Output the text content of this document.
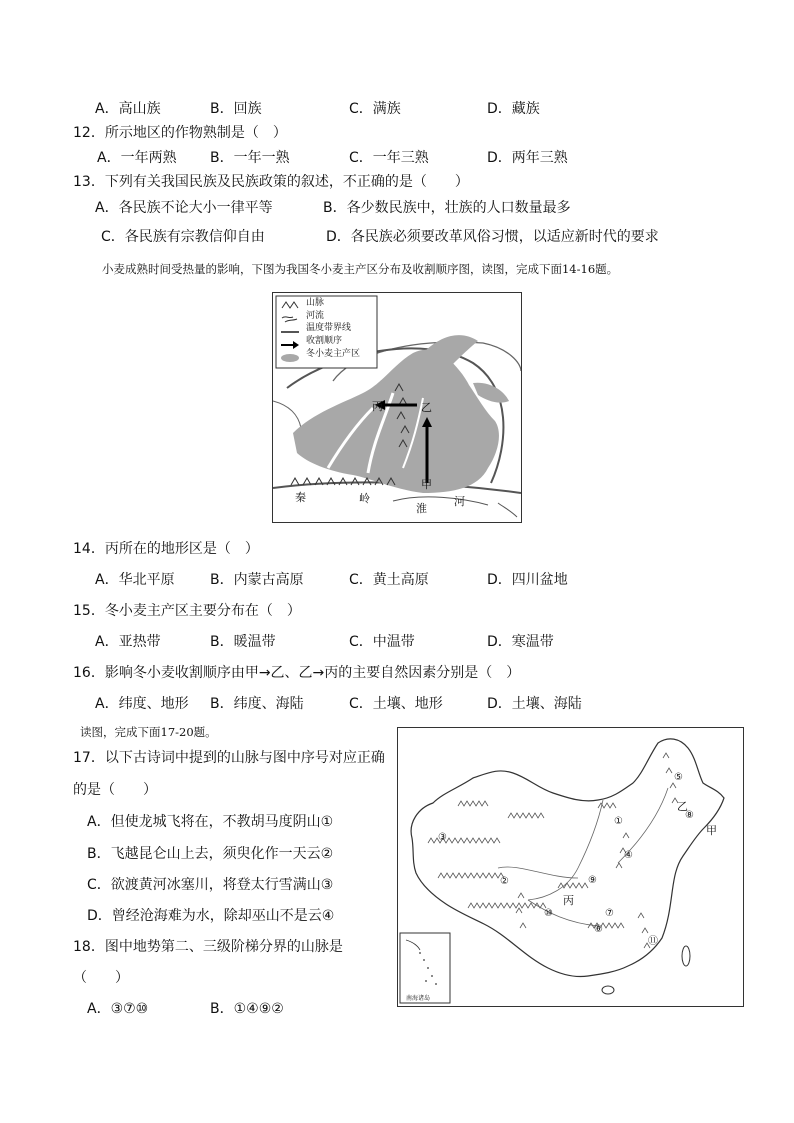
A．高山族	B．回族	C．满族	D．藏族
12．所示地区的作物熟制是（　）
A．一年两熟 B．一年一熟	C．一年三熟	D．两年三熟
13．下列有关我国民族及民族政策的叙述，不正确的是（　　）
A．各民族不论大小一律平等	B．各少数民族中，壮族的人口数量最多
C．各民族有宗教信仰自由	D．各民族必须要改革风俗习惯，以适应新时代的要求
小麦成熟时间受热量的影响，下图为我国冬小麦主产区分布及收割顺序图，读图，完成下面14-16题。
山脉
河流
温度带界线
收割顺序
冬小麦主产区
丙	乙
甲
秦	岭
淮
河
14．丙所在的地形区是（　）
A．华北平原	B．内蒙古高原	C．黄土高原	D．四川盆地
15．冬小麦主产区主要分布在（　）
A．亚热带	B．暖温带	C．中温带	D．寒温带
16．影响冬小麦收割顺序由甲→乙、乙→丙的主要自然因素分别是（　）
A．纬度、地形 B．纬度、海陆	C．土壤、地形	D．土壤、海陆
读图，完成下面17-20题。
17．以下古诗词中提到的山脉与图中序号对应正确
的是（　　）
A．但使龙城飞将在，不教胡马度阴山①
B．飞越昆仑山上去，须臾化作一天云②
C．欲渡黄河冰塞川，将登太行雪满山③
D．曾经沧海难为水，除却巫山不是云④
18．图中地势第二、三级阶梯分界的山脉是
（　　）
A．③⑦⑩	B．①④⑨②
③
①
⑤
⑧
④
⑨
②
⑩	⑦
⑥
⑪
乙
甲
丙
南海诸岛
